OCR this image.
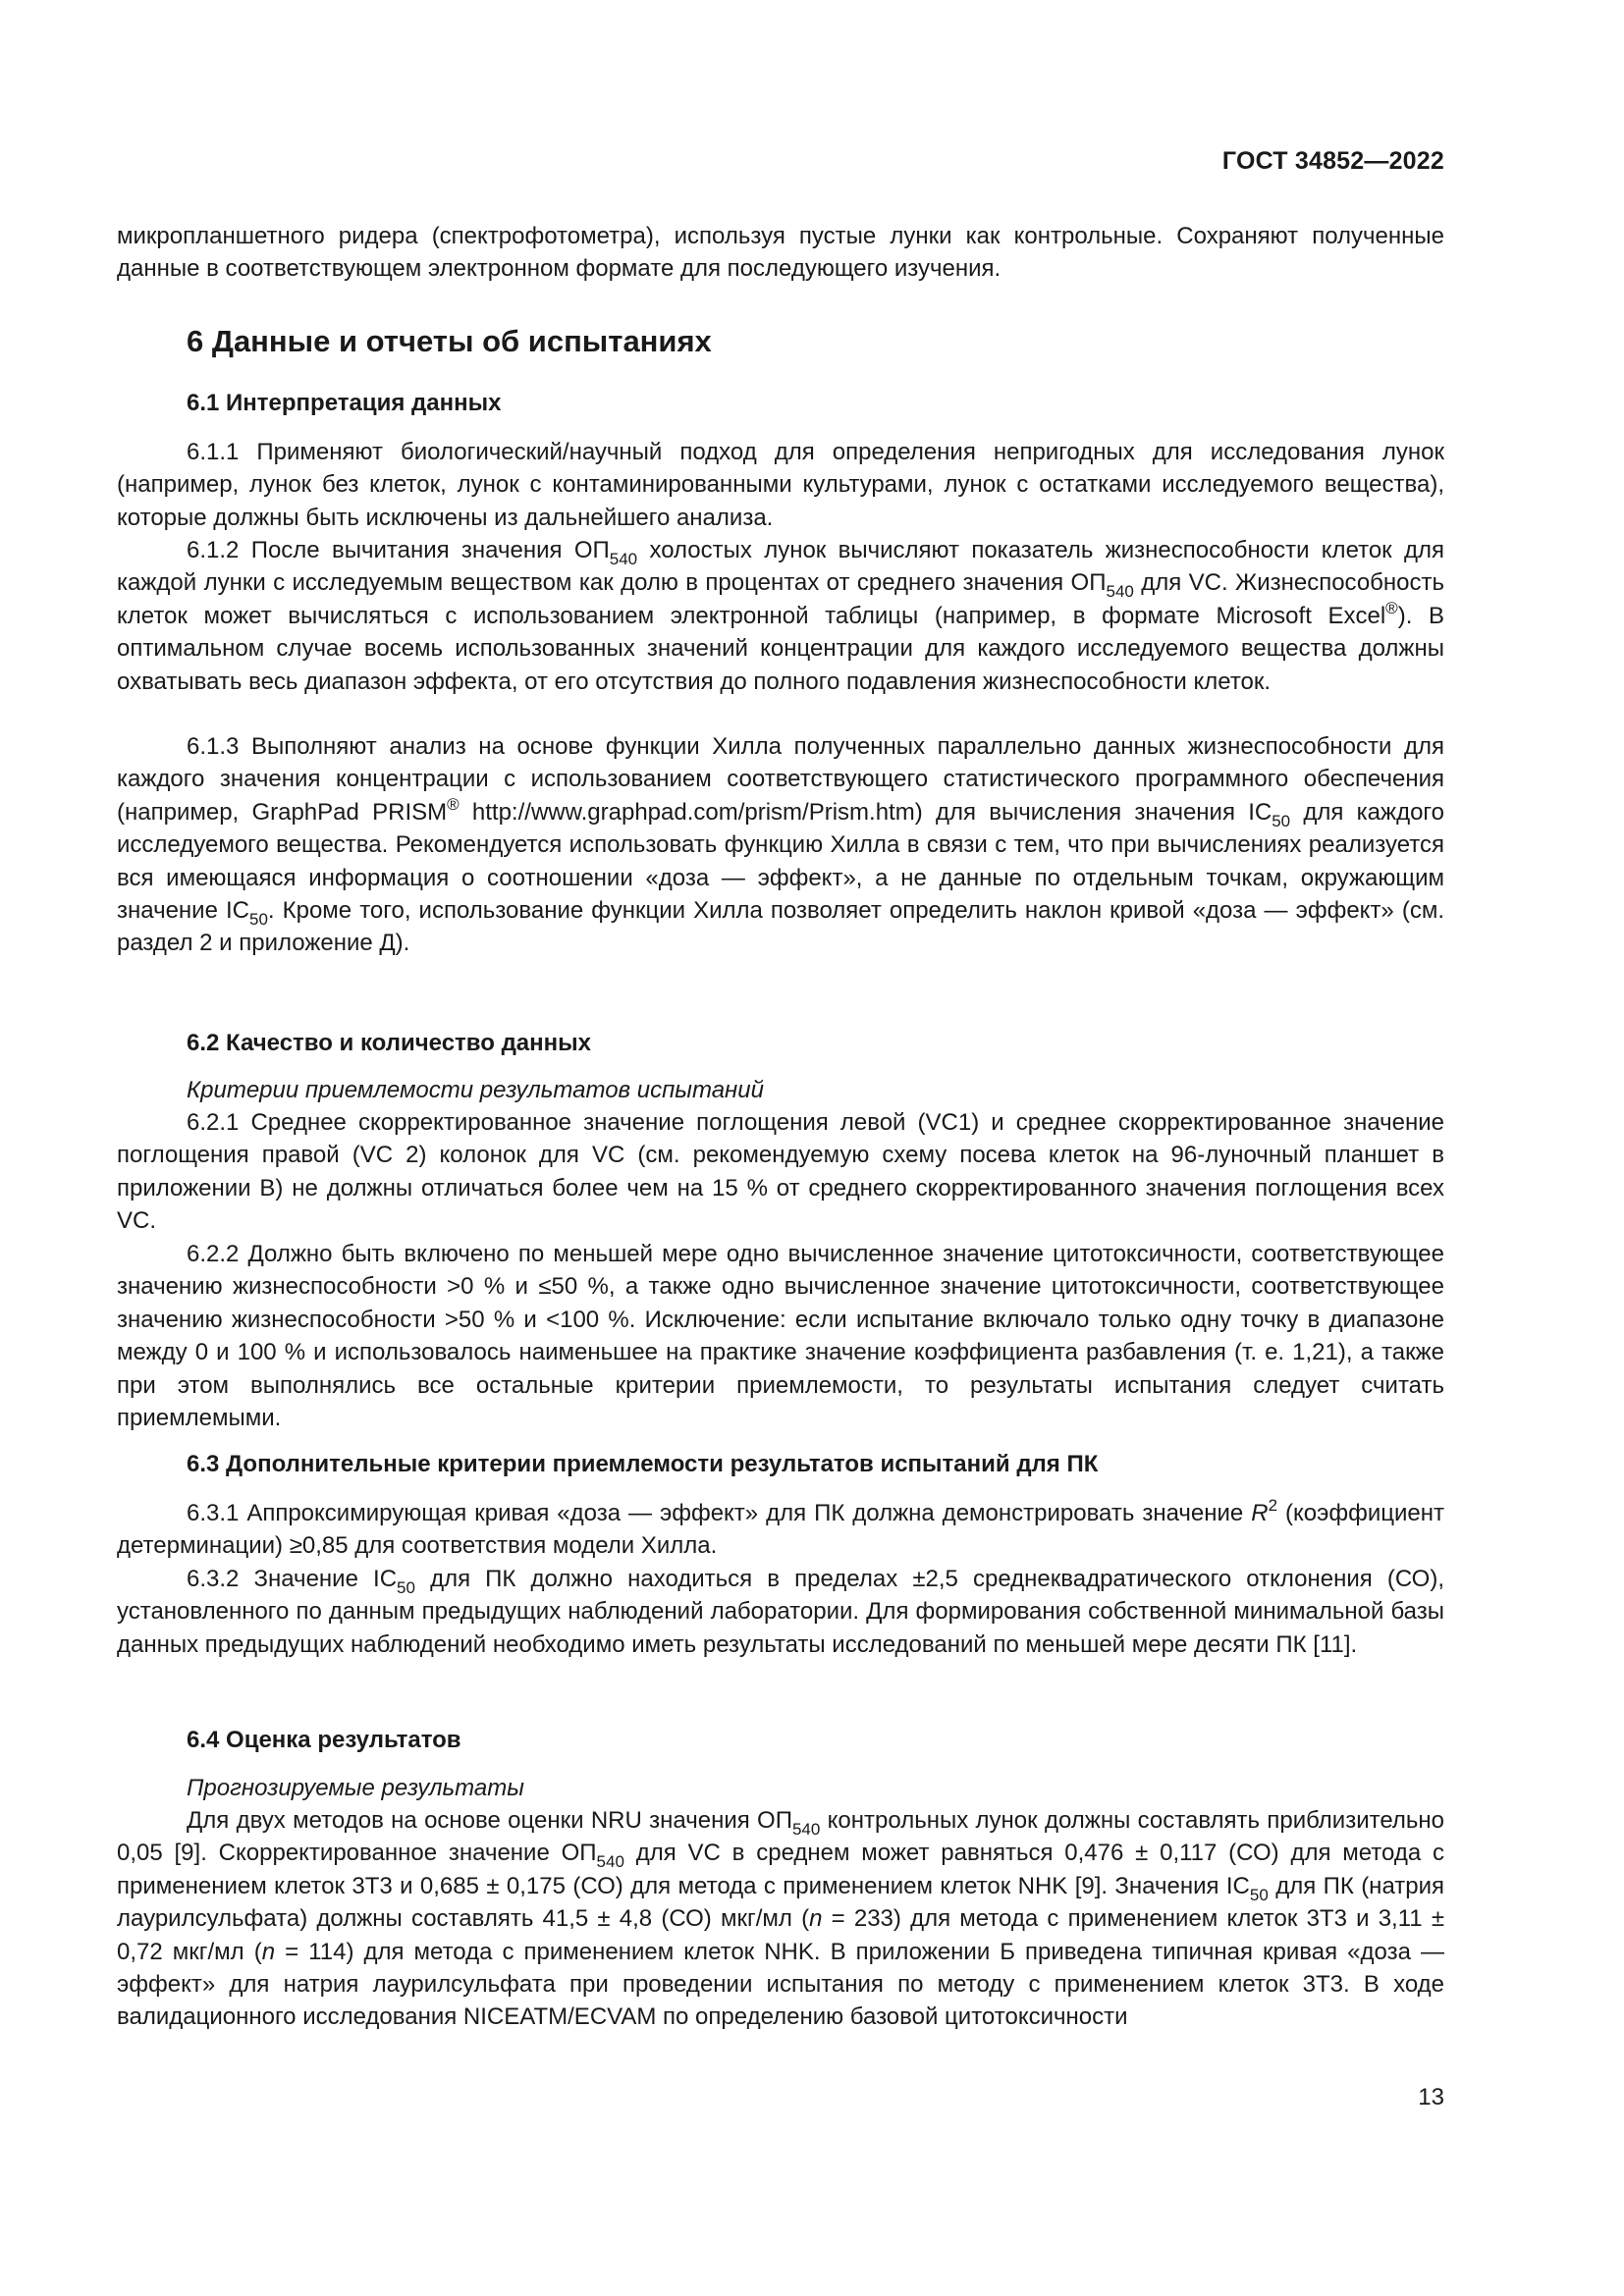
ГОСТ 34852—2022

микропланшетного ридера (спектрофотометра), используя пустые лунки как контрольные. Сохраняют полученные данные в соответствующем электронном формате для последующего изучения.

6 Данные и отчеты об испытаниях
6.1 Интерпретация данных

6.1.1 Применяют биологический/научный подход для определения непригодных для исследования лунок (например, лунок без клеток, лунок с контаминированными культурами, лунок с остатками исследуемого вещества), которые должны быть исключены из дальнейшего анализа.

6.1.2 После вычитания значения $ОП_{540}$ холостых лунок вычисляют показатель жизнеспособности клеток для каждой лунки с исследуемым веществом как долю в процентах от среднего значения $ОП_{540}$ для VC. Жизнеспособность клеток может вычисляться с использованием электронной таблицы (например, в формате Microsoft Excel®). В оптимальном случае восемь использованных значений концентрации для каждого исследуемого вещества должны охватывать весь диапазон эффекта, от его отсутствия до полного подавления жизнеспособности клеток.

6.1.3 Выполняют анализ на основе функции Хилла полученных параллельно данных жизнеспособности для каждого значения концентрации с использованием соответствующего статистического программного обеспечения (например, GraphPad PRISM® http://www.graphpad.com/prism/Prism.htm) для вычисления значения $IC_{50}$ для каждого исследуемого вещества. Рекомендуется использовать функцию Хилла в связи с тем, что при вычислениях реализуется вся имеющаяся информация о соотношении «доза — эффект», а не данные по отдельным точкам, окружающим значение $IC_{50}$. Кроме того, использование функции Хилла позволяет определить наклон кривой «доза — эффект» (см. раздел 2 и приложение Д).

6.2 Качество и количество данных

Критерии приемлемости результатов испытаний

6.2.1 Среднее скорректированное значение поглощения левой (VC1) и среднее скорректированное значение поглощения правой (VC 2) колонок для VC (см. рекомендуемую схему посева клеток на 96-луночный планшет в приложении В) не должны отличаться более чем на 15 % от среднего скорректированного значения поглощения всех VC.

6.2.2 Должно быть включено по меньшей мере одно вычисленное значение цитотоксичности, соответствующее значению жизнеспособности >0 % и ≤50 %, а также одно вычисленное значение цитотоксичности, соответствующее значению жизнеспособности >50 % и <100 %. Исключение: если испытание включало только одну точку в диапазоне между 0 и 100 % и использовалось наименьшее на практике значение коэффициента разбавления (т. е. 1,21), а также при этом выполнялись все остальные критерии приемлемости, то результаты испытания следует считать приемлемыми.

6.3 Дополнительные критерии приемлемости результатов испытаний для ПК

6.3.1 Аппроксимирующая кривая «доза — эффект» для ПК должна демонстрировать значение $R^2$ (коэффициент детерминации) ≥0,85 для соответствия модели Хилла.

6.3.2 Значение $IC_{50}$ для ПК должно находиться в пределах ±2,5 среднеквадратического отклонения (СО), установленного по данным предыдущих наблюдений лаборатории. Для формирования собственной минимальной базы данных предыдущих наблюдений необходимо иметь результаты исследований по меньшей мере десяти ПК [11].

6.4 Оценка результатов

Прогнозируемые результаты

Для двух методов на основе оценки NRU значения $ОП_{540}$ контрольных лунок должны составлять приблизительно 0,05 [9]. Скорректированное значение $ОП_{540}$ для VC в среднем может равняться 0,476 ± 0,117 (СО) для метода с применением клеток 3Т3 и 0,685 ± 0,175 (СО) для метода с применением клеток NHK [9]. Значения $IC_{50}$ для ПК (натрия лаурилсульфата) должны составлять 41,5 ± 4,8 (СО) мкг/мл (n = 233) для метода с применением клеток 3Т3 и 3,11 ± 0,72 мкг/мл (n = 114) для метода с применением клеток NHK. В приложении Б приведена типичная кривая «доза — эффект» для натрия лаурилсульфата при проведении испытания по методу с применением клеток 3Т3. В ходе валидационного исследования NICEATM/ECVAM по определению базовой цитотоксичности

13
